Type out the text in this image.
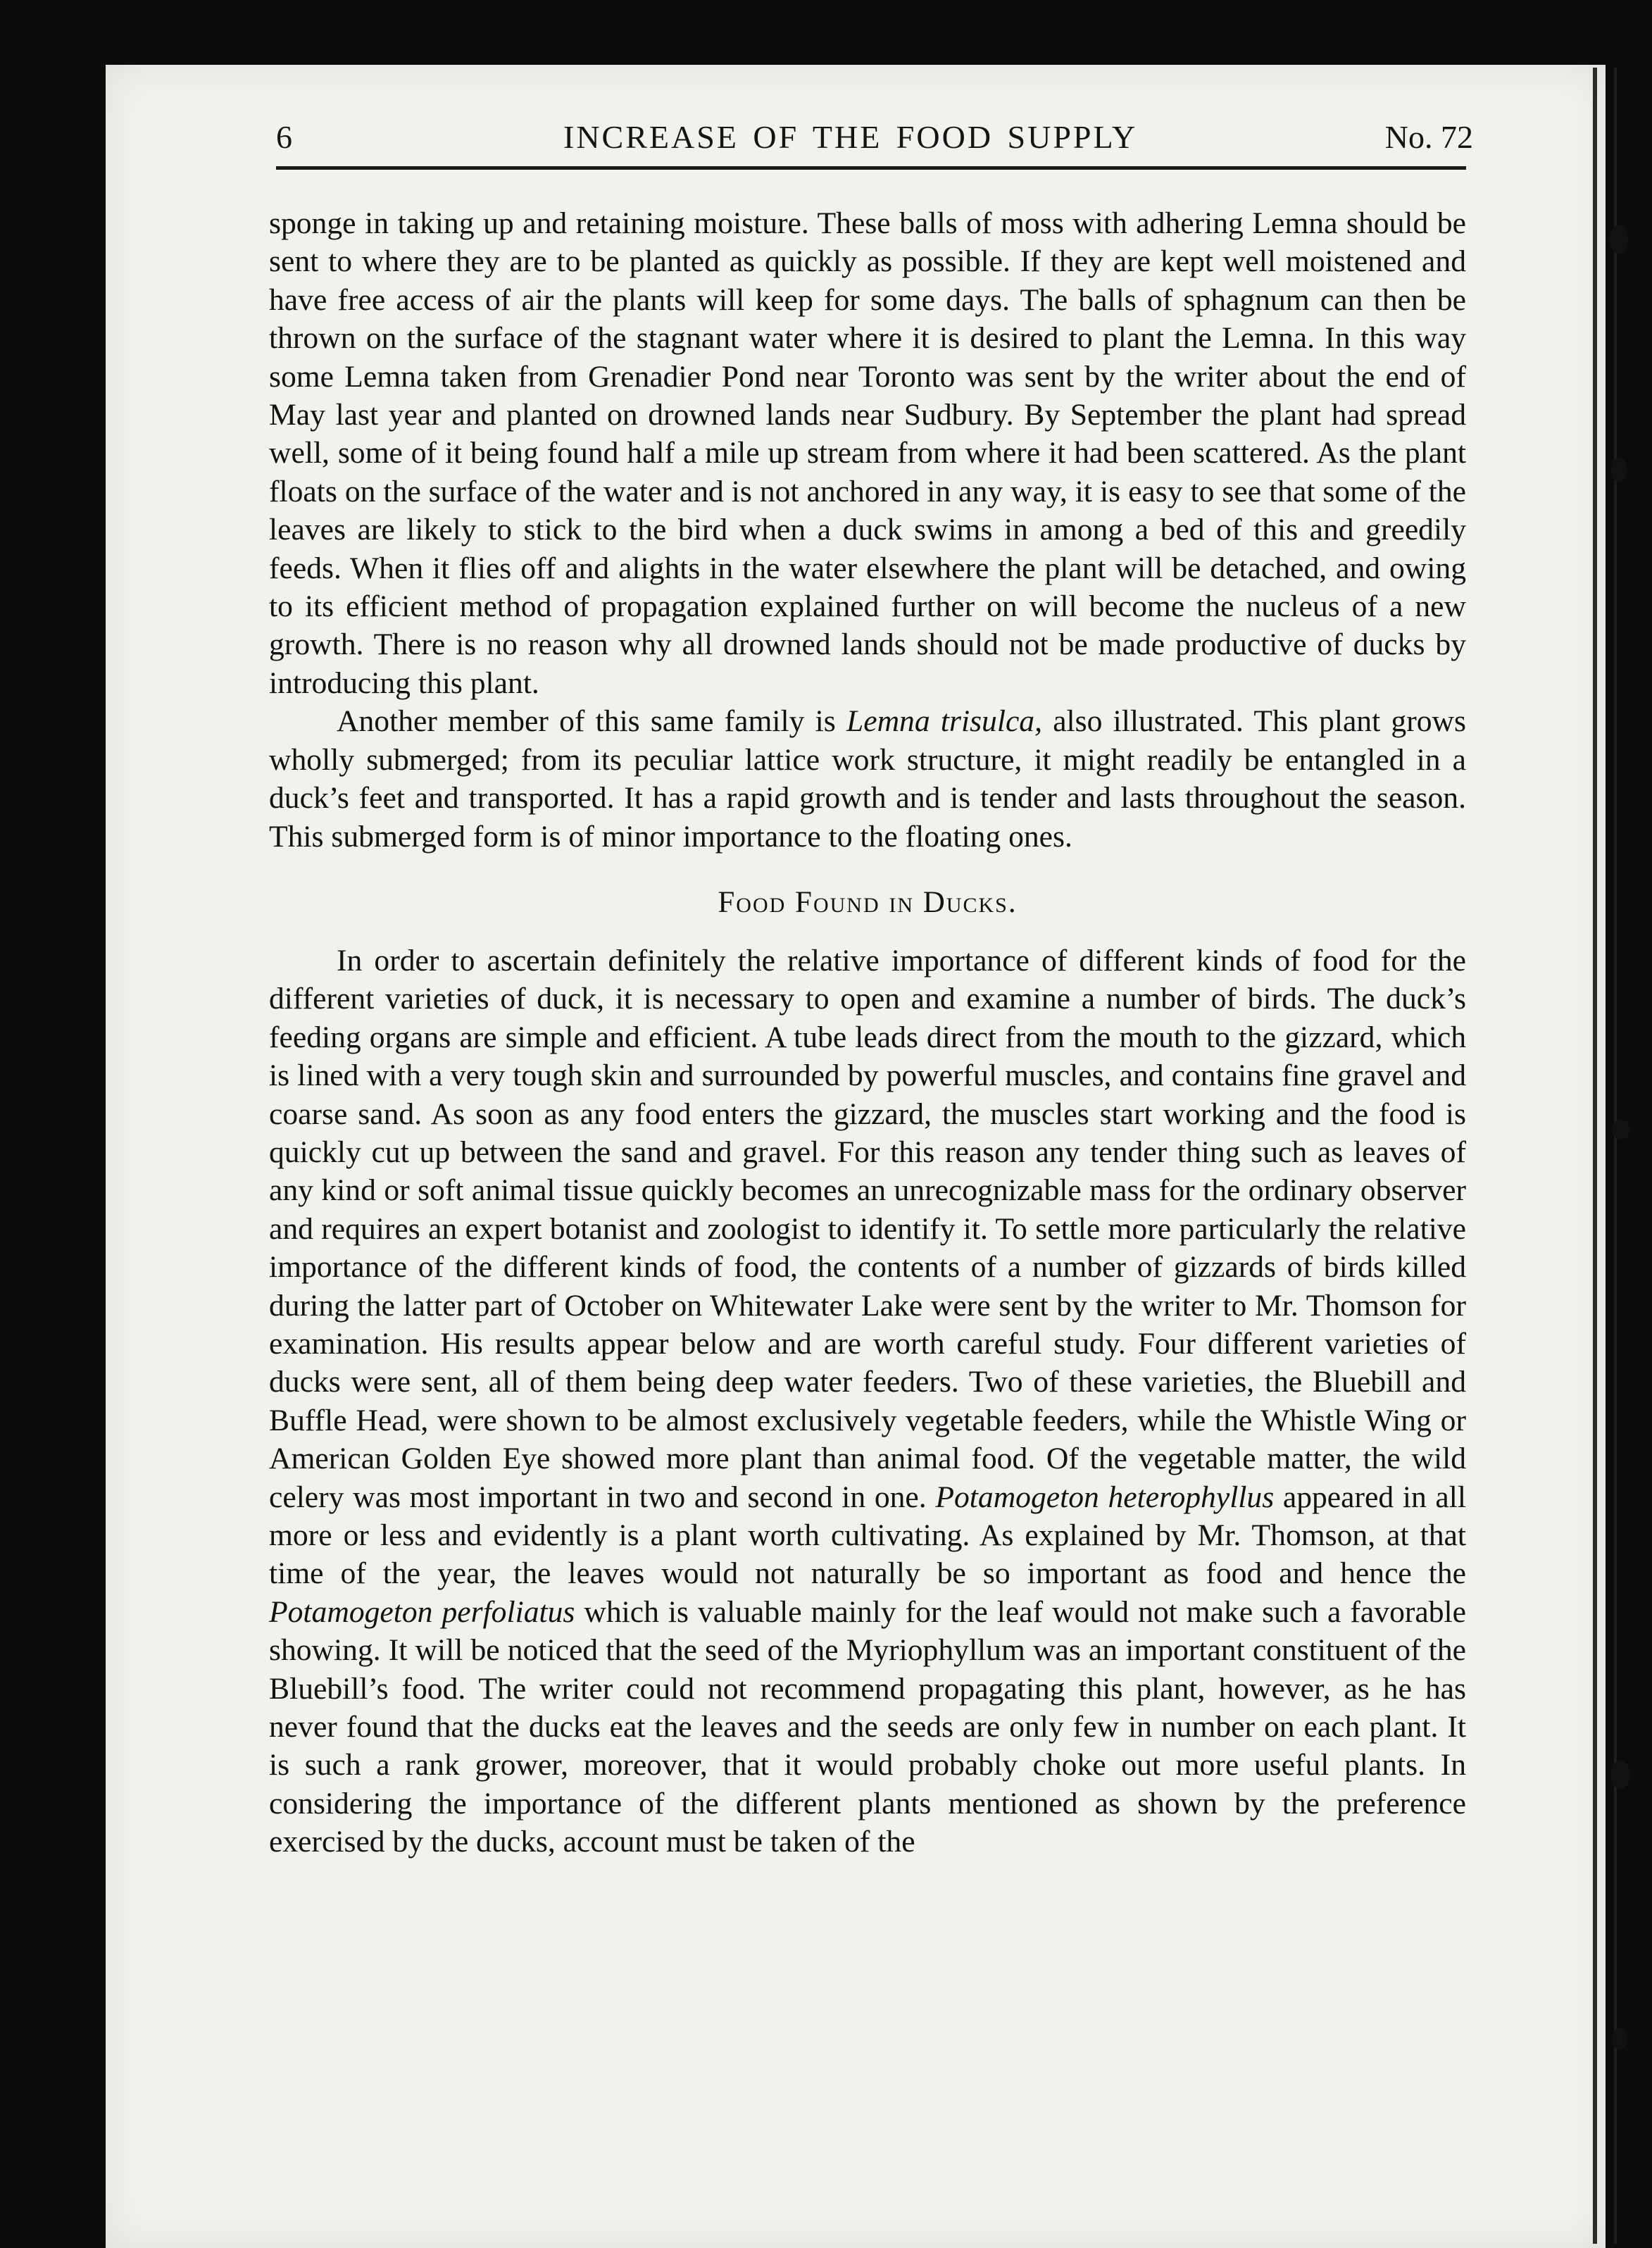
6	INCREASE OF THE FOOD SUPPLY	No. 72

sponge in taking up and retaining moisture. These balls of moss with adhering Lemna should be sent to where they are to be planted as quickly as possible. If they are kept well moistened and have free access of air the plants will keep for some days. The balls of sphagnum can then be thrown on the surface of the stagnant water where it is desired to plant the Lemna. In this way some Lemna taken from Grenadier Pond near Toronto was sent by the writer about the end of May last year and planted on drowned lands near Sudbury. By September the plant had spread well, some of it being found half a mile up stream from where it had been scattered. As the plant floats on the surface of the water and is not anchored in any way, it is easy to see that some of the leaves are likely to stick to the bird when a duck swims in among a bed of this and greedily feeds. When it flies off and alights in the water elsewhere the plant will be detached, and owing to its efficient method of propagation explained further on will become the nucleus of a new growth. There is no reason why all drowned lands should not be made productive of ducks by introducing this plant.

Another member of this same family is Lemna trisulca, also illustrated. This plant grows wholly submerged; from its peculiar lattice work structure, it might readily be entangled in a duck’s feet and transported. It has a rapid growth and is tender and lasts throughout the season. This submerged form is of minor importance to the floating ones.

Food Found in Ducks.

In order to ascertain definitely the relative importance of different kinds of food for the different varieties of duck, it is necessary to open and examine a number of birds. The duck’s feeding organs are simple and efficient. A tube leads direct from the mouth to the gizzard, which is lined with a very tough skin and surrounded by powerful muscles, and contains fine gravel and coarse sand. As soon as any food enters the gizzard, the muscles start working and the food is quickly cut up between the sand and gravel. For this reason any tender thing such as leaves of any kind or soft animal tissue quickly becomes an unrecognizable mass for the ordinary observer and requires an expert botanist and zoologist to identify it. To settle more particularly the relative importance of the different kinds of food, the contents of a number of gizzards of birds killed during the latter part of October on Whitewater Lake were sent by the writer to Mr. Thomson for examination. His results appear below and are worth careful study. Four different varieties of ducks were sent, all of them being deep water feeders. Two of these varieties, the Bluebill and Buffle Head, were shown to be almost exclusively vegetable feeders, while the Whistle Wing or American Golden Eye showed more plant than animal food. Of the vegetable matter, the wild celery was most important in two and second in one. Potamogeton heterophyllus appeared in all more or less and evidently is a plant worth cultivating. As explained by Mr. Thomson, at that time of the year, the leaves would not naturally be so important as food and hence the Potamogeton perfoliatus which is valuable mainly for the leaf would not make such a favorable showing. It will be noticed that the seed of the Myriophyllum was an important constituent of the Bluebill’s food. The writer could not recommend propagating this plant, however, as he has never found that the ducks eat the leaves and the seeds are only few in number on each plant. It is such a rank grower, moreover, that it would probably choke out more useful plants. In considering the importance of the different plants mentioned as shown by the preference exercised by the ducks, account must be taken of the
